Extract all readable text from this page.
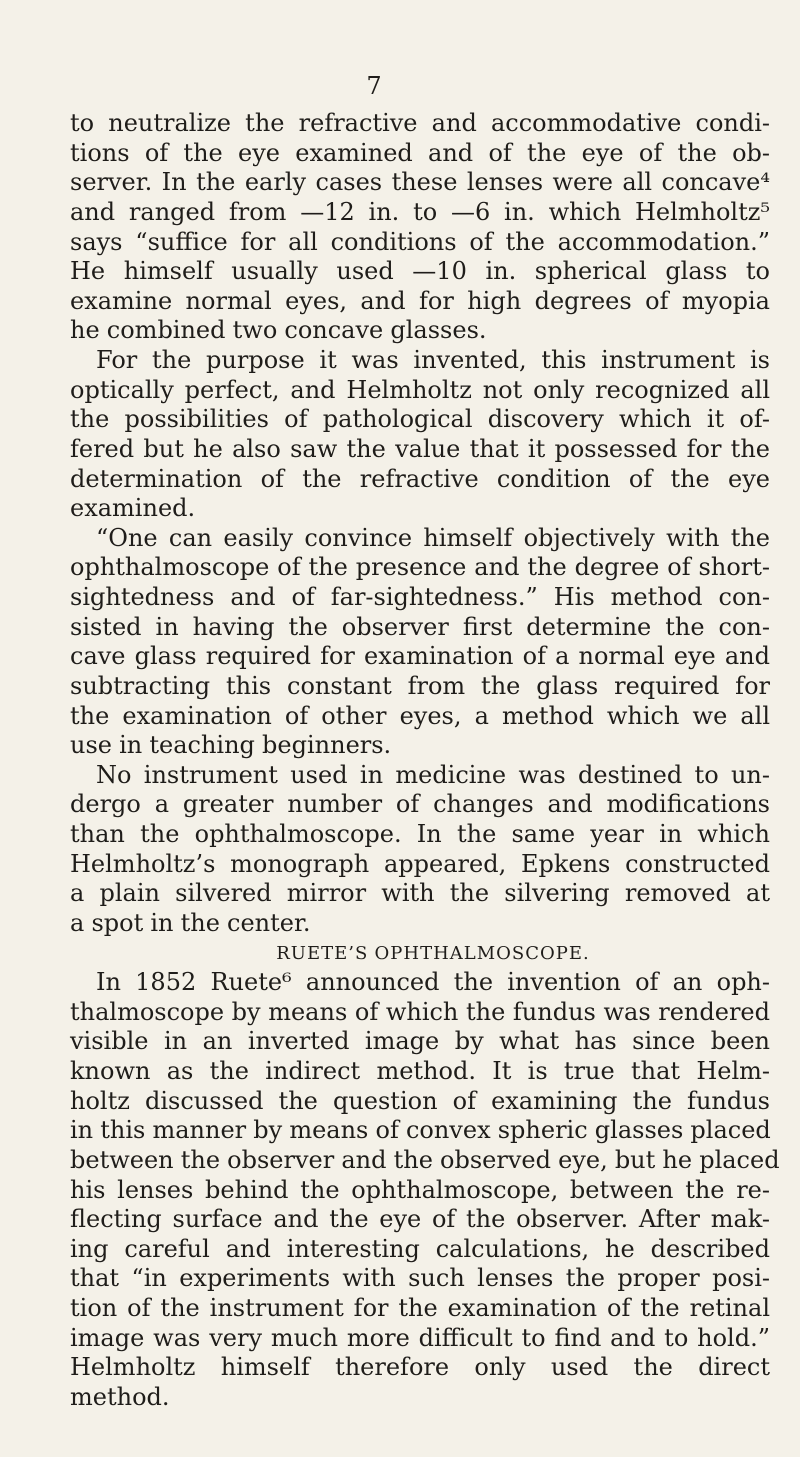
7
to neutralize the refractive and accommodative condi-
tions of the eye examined and of the eye of the ob-
server. In the early cases these lenses were all concave⁴
and ranged from —12 in. to —6 in. which Helmholtz⁵
says “suffice for all conditions of the accommodation.”
He himself usually used —10 in. spherical glass to
examine normal eyes, and for high degrees of myopia
he combined two concave glasses.
For the purpose it was invented, this instrument is
optically perfect, and Helmholtz not only recognized all
the possibilities of pathological discovery which it of-
fered but he also saw the value that it possessed for the
determination of the refractive condition of the eye
examined.
“One can easily convince himself objectively with the
ophthalmoscope of the presence and the degree of short-
sightedness and of far-sightedness.” His method con-
sisted in having the observer first determine the con-
cave glass required for examination of a normal eye and
subtracting this constant from the glass required for
the examination of other eyes, a method which we all
use in teaching beginners.
No instrument used in medicine was destined to un-
dergo a greater number of changes and modifications
than the ophthalmoscope. In the same year in which
Helmholtz’s monograph appeared, Epkens constructed
a plain silvered mirror with the silvering removed at
a spot in the center.
RUETE’S OPHTHALMOSCOPE.
In 1852 Ruete⁶ announced the invention of an oph-
thalmoscope by means of which the fundus was rendered
visible in an inverted image by what has since been
known as the indirect method. It is true that Helm-
holtz discussed the question of examining the fundus
in this manner by means of convex spheric glasses placed
between the observer and the observed eye, but he placed
his lenses behind the ophthalmoscope, between the re-
flecting surface and the eye of the observer. After mak-
ing careful and interesting calculations, he described
that “in experiments with such lenses the proper posi-
tion of the instrument for the examination of the retinal
image was very much more difficult to find and to hold.”
Helmholtz himself therefore only used the direct
method.
